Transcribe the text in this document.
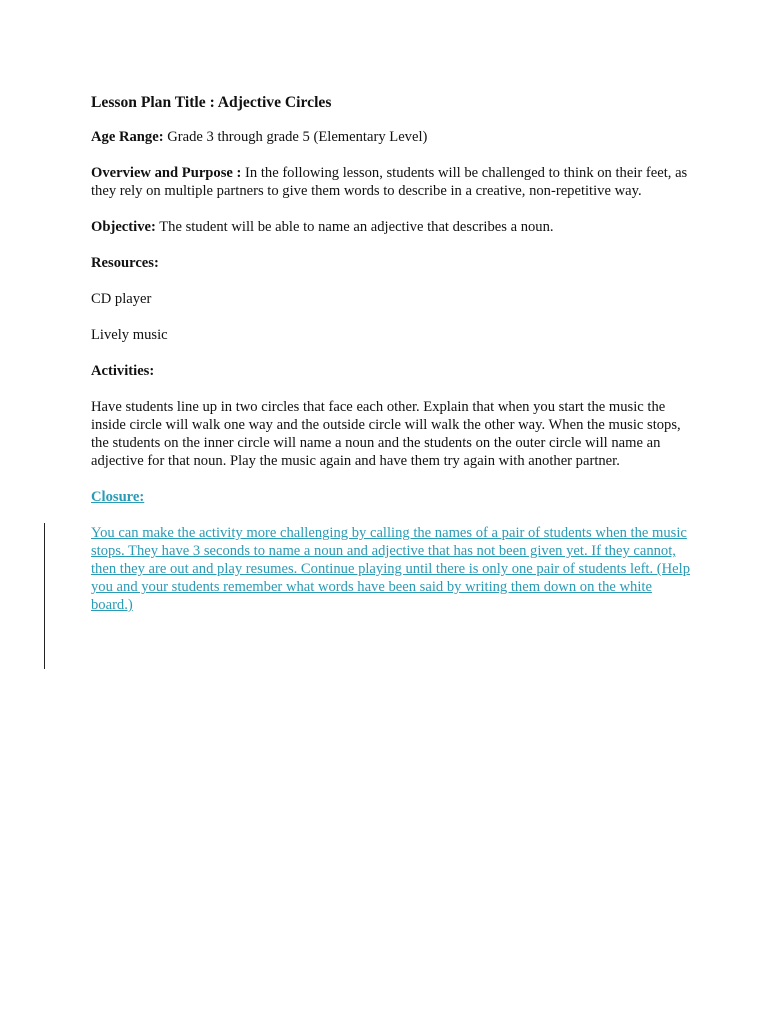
Lesson Plan Title : Adjective Circles

Age Range: Grade 3 through grade 5 (Elementary Level)

Overview and Purpose : In the following lesson, students will be challenged to think on their feet, as they rely on multiple partners to give them words to describe in a creative, non-repetitive way.

Objective: The student will be able to name an adjective that describes a noun.

Resources:

CD player

Lively music

Activities:

Have students line up in two circles that face each other. Explain that when you start the music the inside circle will walk one way and the outside circle will walk the other way. When the music stops, the students on the inner circle will name a noun and the students on the outer circle will name an adjective for that noun. Play the music again and have them try again with another partner.

Closure:

You can make the activity more challenging by calling the names of a pair of students when the music stops. They have 3 seconds to name a noun and adjective that has not been given yet. If they cannot, then they are out and play resumes. Continue playing until there is only one pair of students left. (Help you and your students remember what words have been said by writing them down on the white board.)
